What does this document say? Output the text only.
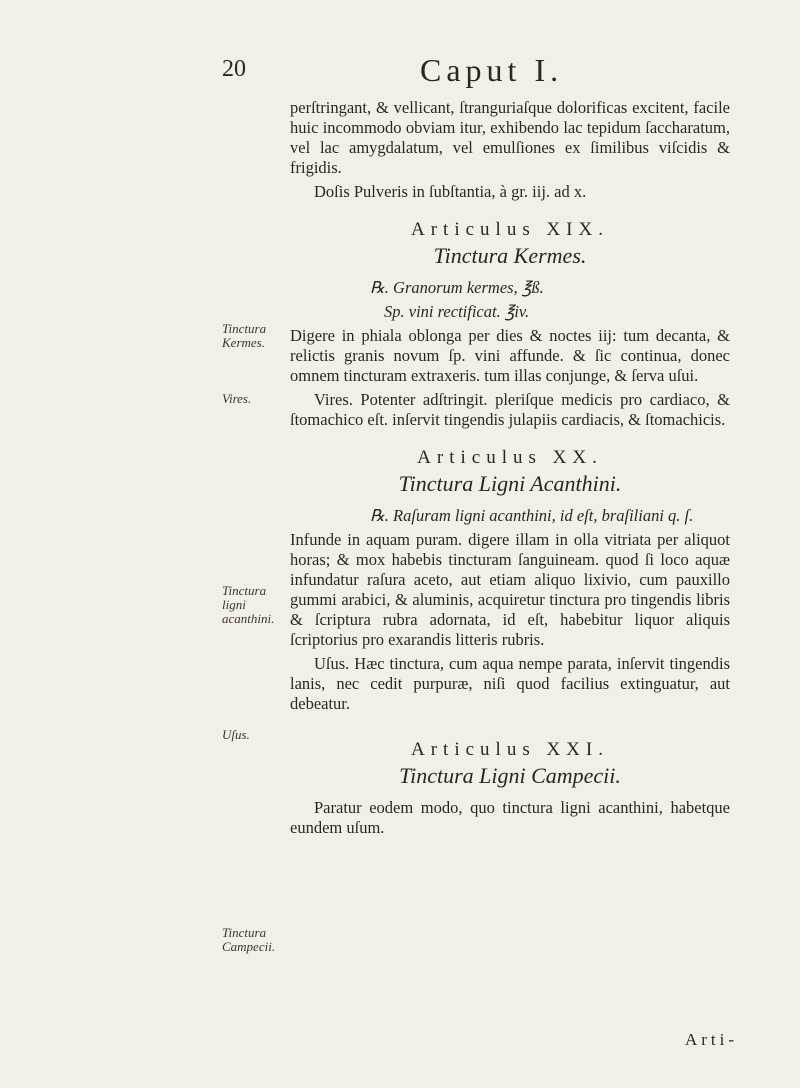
20	Caput I.
Tinctura Kermes.
Vires.
Tinctura ligni acanthini.
Uſus.
Tinctura Campecii.

perſtringant, & vellicant, ſtranguriaſque dolorificas excitent, facile huic incommodo obviam itur, exhibendo lac tepidum ſaccharatum, vel lac amygdalatum, vel emulſiones ex ſimilibus viſcidis & frigidis.

Doſis Pulveris in ſubſtantia, à gr. iij. ad x.

Articulus XIX.
Tinctura Kermes.

℞. Granorum kermes, ℥ß.

Sp. vini rectificat. ℥iv.

Digere in phiala oblonga per dies & noctes iij: tum decanta, & relictis granis novum ſp. vini affunde. & ſic continua, donec omnem tincturam extraxeris. tum illas conjunge, & ſerva uſui.

Vires. Potenter adſtringit. pleriſque medicis pro cardiaco, & ſtomachico eſt. inſervit tingendis julapiis cardiacis, & ſtomachicis.

Articulus XX.
Tinctura Ligni Acanthini.

℞. Raſuram ligni acanthini, id eſt, braſiliani q. ſ.

Infunde in aquam puram. digere illam in olla vitriata per aliquot horas; & mox habebis tincturam ſanguineam. quod ſi loco aquæ infundatur raſura aceto, aut etiam aliquo lixivio, cum pauxillo gummi arabici, & aluminis, acquiretur tinctura pro tingendis libris & ſcriptura rubra adornata, id eſt, habebitur liquor aliquis ſcriptorius pro exarandis litteris rubris.

Uſus. Hæc tinctura, cum aqua nempe parata, inſervit tingendis lanis, nec cedit purpuræ, niſi quod facilius extinguatur, aut debeatur.

Articulus XXI.
Tinctura Ligni Campecii.

Paratur eodem modo, quo tinctura ligni acanthini, habetque eundem uſum.

Arti-
